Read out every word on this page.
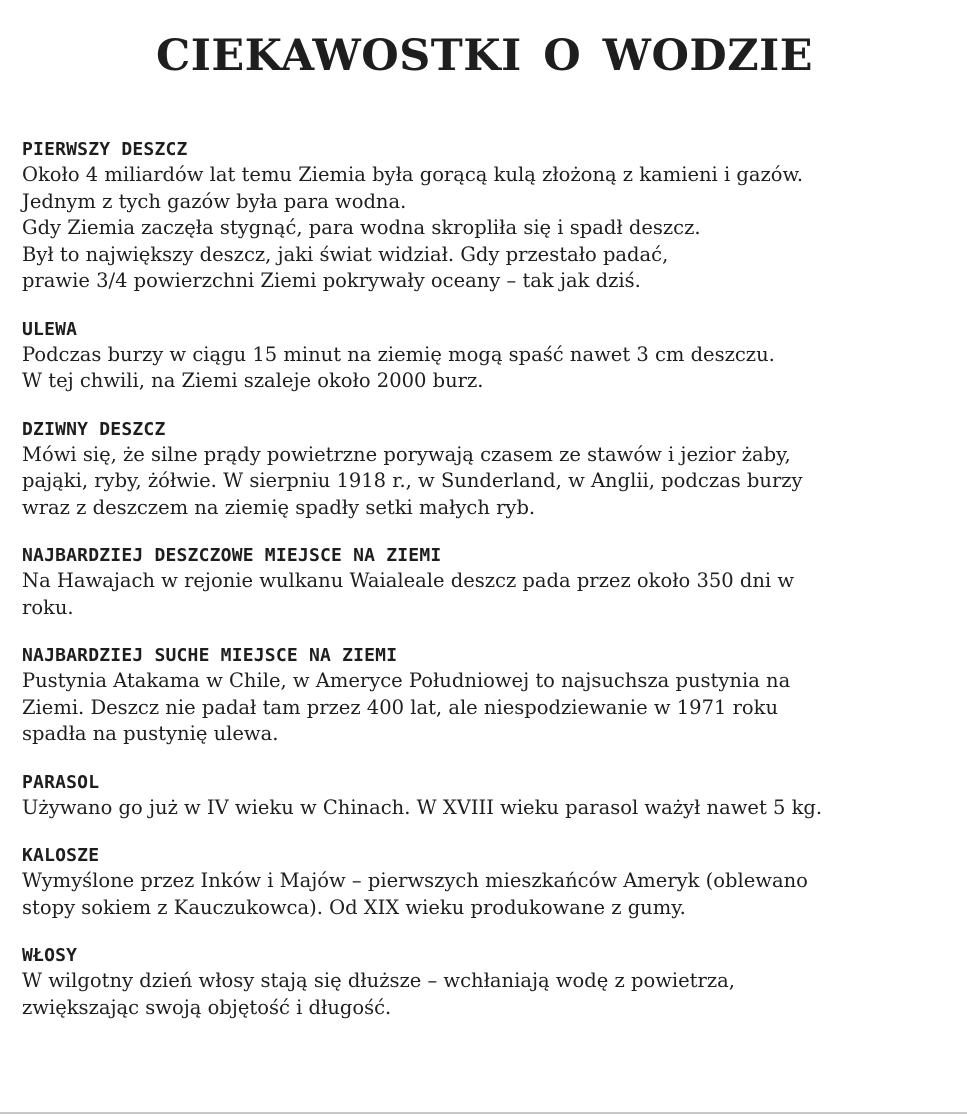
CIEKAWOSTKI O WODZIE

PIERWSZY DESZCZ

Około 4 miliardów lat temu Ziemia była gorącą kulą złożoną z kamieni i gazów.

Jednym z tych gazów była para wodna.

Gdy Ziemia zaczęła stygnąć, para wodna skropliła się i spadł deszcz.

Był to największy deszcz, jaki świat widział. Gdy przestało padać,

prawie 3/4 powierzchni Ziemi pokrywały oceany – tak jak dziś.

ULEWA

Podczas burzy w ciągu 15 minut na ziemię mogą spaść nawet 3 cm deszczu.

W tej chwili, na Ziemi szaleje około 2000 burz.

DZIWNY DESZCZ

Mówi się, że silne prądy powietrzne porywają czasem ze stawów i jezior żaby,

pająki, ryby, żółwie. W sierpniu 1918 r., w Sunderland, w Anglii, podczas burzy

wraz z deszczem na ziemię spadły setki małych ryb.

NAJBARDZIEJ DESZCZOWE MIEJSCE NA ZIEMI

Na Hawajach w rejonie wulkanu Waialeale deszcz pada przez około 350 dni w

roku.

NAJBARDZIEJ SUCHE MIEJSCE NA ZIEMI

Pustynia Atakama w Chile, w Ameryce Południowej to najsuchsza pustynia na

Ziemi. Deszcz nie padał tam przez 400 lat, ale niespodziewanie w 1971 roku

spadła na pustynię ulewa.

PARASOL

Używano go już w IV wieku w Chinach. W XVIII wieku parasol ważył nawet 5 kg.

KALOSZE

Wymyślone przez Inków i Majów – pierwszych mieszkańców Ameryk (oblewano

stopy sokiem z Kauczukowca). Od XIX wieku produkowane z gumy.

WŁOSY

W wilgotny dzień włosy stają się dłuższe – wchłaniają wodę z powietrza,

zwiększając swoją objętość i długość.
